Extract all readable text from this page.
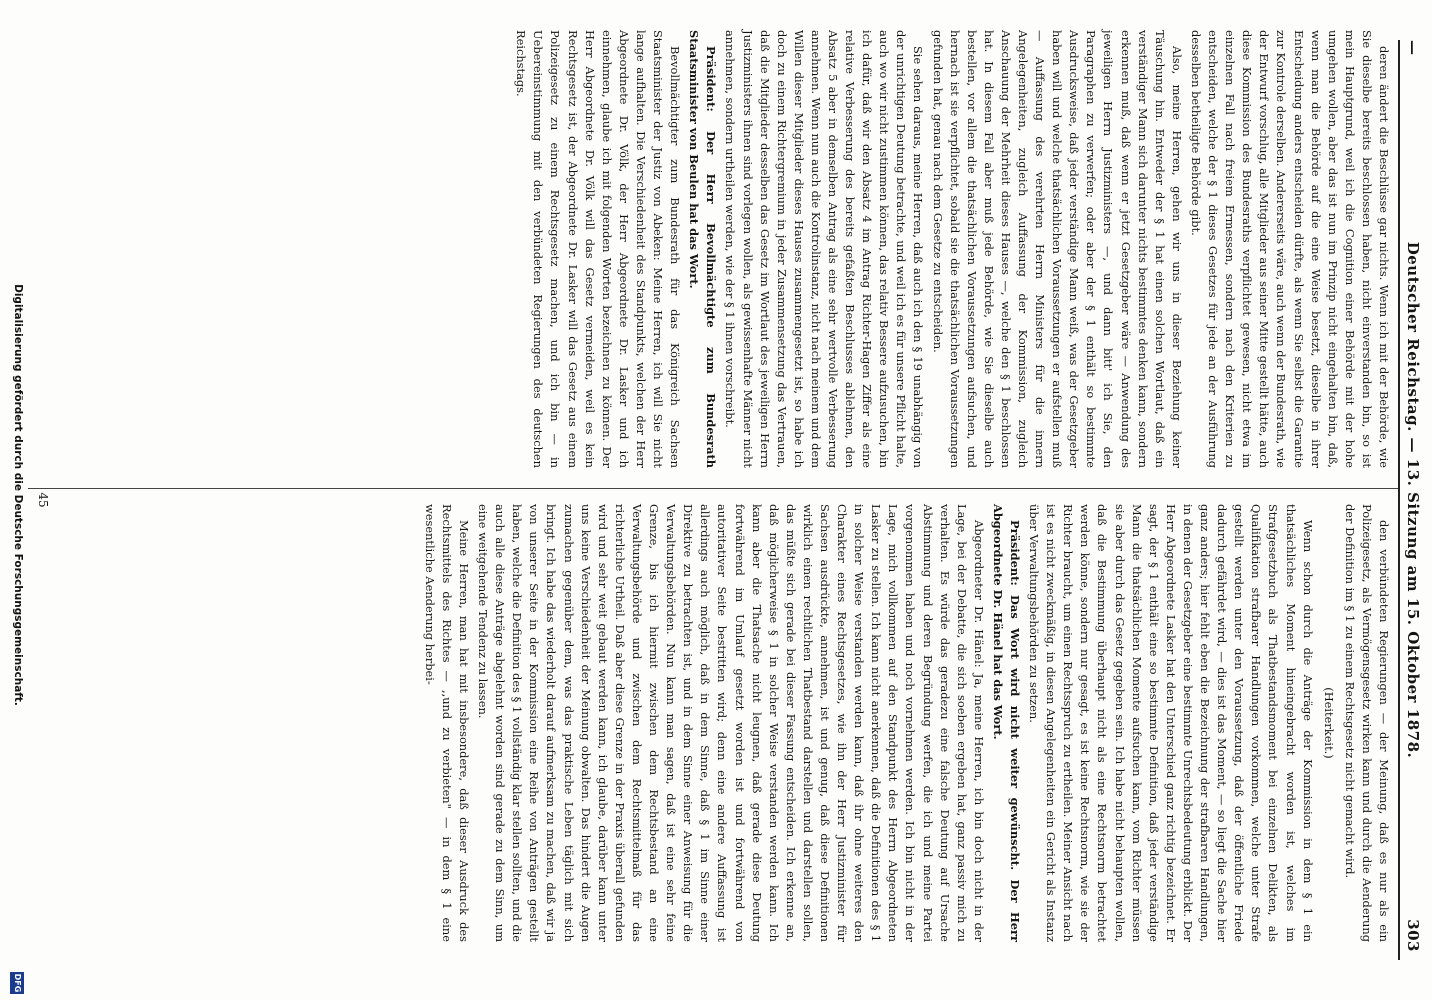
—
Deutscher Reichstag. — 13. Sitzung am 15. Oktober 1878.
303

deren ändert die Beschlüsse gar nichts. Wenn ich mit der Behörde, wie Sie dieselbe bereits beschlossen haben, nicht einverstanden bin, so ist mein Hauptgrund, weil ich die Cognition einer Behörde mit der hohe umgehen wollen, aber das ist nun im Prinzip nicht eingehalten bin, daß, wenn man die Behörde auf die eine Weise besetzt, dieselbe in ihrer Entscheidung anders entscheiden dürfte, als wenn Sie selbst die Garantie zur Kontrole derselben. Andererseits wäre, auch wenn der Bundesrath, wie der Entwurf vorschlug, alle Mitglieder aus seiner Mitte gestellt hätte, auch diese Kommission des Bundesraths verpflichtet gewesen, nicht etwa im einzelnen Fall nach freiem Ermessen, sondern nach den Kriterien zu entscheiden, welche der § 1 dieses Gesetzes für jede an der Ausführung desselben betheiligte Behörde gibt.

Also, meine Herren, gehen wir uns in dieser Beziehung keiner Täuschung hin. Entweder der § 1 hat einen solchen Wortlaut, daß ein verständiger Mann sich darunter nichts bestimmtes denken kann, sondern erkennen muß, daß wenn er jetzt Gesetzgeber wäre — Anwendung des jeweiligen Herrn Justizministers —, und dann bitt' ich Sie, den Paragraphen zu verwerfen; oder aber der § 1 enthält so bestimmte Ausdrucksweise, daß jeder verständige Mann weiß, was der Gesetzgeber haben will und welche thatsächlichen Voraussetzungen er aufstellen muß — Auffassung des verehrten Herrn Ministers für die innern Angelegenheiten, zugleich Auffassung der Kommission, zugleich Anschauung der Mehrheit dieses Hauses —, welche den § 1 beschlossen hat. In diesem Fall aber muß jede Behörde, wie Sie dieselbe auch bestellen, vor allem die thatsächlichen Voraussetzungen aufsuchen, und hernach ist sie verpflichtet, sobald sie die thatsächlichen Voraussetzungen gefunden hat, genau nach dem Gesetze zu entscheiden.

Sie sehen daraus, meine Herren, daß auch ich den § 19 unabhängig von der unrichtigen Deutung betrachte, und weil ich es für unsere Pflicht halte, auch wo wir nicht zustimmen können, das relativ Bessere aufzusuchen, bin ich dafür, daß wir den Absatz 4 im Antrag Richter-Hagen Ziffer als eine relative Verbesserung des bereits gefaßten Beschlusses ablehnen, den Absatz 5 aber in demselben Antrag als eine sehr wertvolle Verbesserung annehmen. Wenn nun auch die Kontrolinstanz, nicht nach meinem und dem Willen dieser Mitglieder dieses Hauses zusammengesetzt ist, so habe ich doch zu einem Richtergremium in jeder Zusammensetzung das Vertrauen, daß die Mitglieder desselben das Gesetz im Wortlaut des jeweiligen Herrn Justizministers ihnen sind vorlegen wollen, als gewissenhafte Männer nicht annehmen, sondern urtheilen werden, wie der § 1 ihnen vorschreibt.

Präsident: Der Herr Bevollmächtigte zum Bundesrath Staatsminister von Beulen hat das Wort.

Bevollmächtigter zum Bundesrath für das Königreich Sachsen Staatsminister der Justiz von Abeken: Meine Herren, ich will Sie nicht lange aufhalten. Die Verschiedenheit des Standpunkts, welchen der Herr Abgeordnete Dr. Völk, der Herr Abgeordnete Dr. Lasker und ich einnehmen, glaube ich mit folgenden Worten bezeichnen zu können. Der Herr Abgeordnete Dr. Völk will das Gesetz vermeiden, weil es kein Rechtsgesetz ist, der Abgeordnete Dr. Lasker will das Gesetz aus einem Polizeigesetz zu einem Rechtsgesetz machen, und ich bin — in Uebereinstimmung mit den verbündeten Regierungen des deutschen Reichstags.

den verbündeten Regierungen — der Meinung, daß es nur als ein Polizeigesetz, als Vermögensgesetz wirken kann und durch die Aenderung der Definition im § 1 zu einem Rechtsgesetz nicht gemacht wird.

(Heiterkeit.)

Wenn schon durch die Anträge der Kommission in dem § 1 ein thatsächliches Moment hineingebracht worden ist, welches im Strafgesetzbuch als Thatbestandsmoment bei einzelnen Delikten, als Qualifikation strafbarer Handlungen vorkommen, welche unter Strafe gestellt werden unter den Voraussetzung, daß der öffentliche Friede dadurch gefährdet wird, — dies ist das Moment, — so liegt die Sache hier ganz anders; hier fehlt eben die Bezeichnung der strafbaren Handlungen, in denen der Gesetzgeber eine bestimmte Unrechtsbedeutung erblickt. Der Herr Abgeordnete Lasker hat den Unterschied ganz richtig bezeichnet. Er sagt, der § 1 enthält eine so bestimmte Definition, daß jeder verständige Mann die thatsächlichen Momente aufsuchen kann, vom Richter müssen sie aber durch das Gesetz gegeben sein. Ich habe nicht behaupten wollen, daß die Bestimmung überhaupt nicht als eine Rechtsnorm betrachtet werden könne, sondern nur gesagt, es ist keine Rechtsnorm, wie sie der Richter braucht, um einen Rechtsspruch zu ertheilen. Meiner Ansicht nach ist es nicht zweckmäßig, in diesen Angelegenheiten ein Gericht als Instanz über Verwaltungsbehörden zu setzen.

Präsident: Das Wort wird nicht weiter gewünscht. Der Herr Abgeordnete Dr. Hänel hat das Wort.

Abgeordneter Dr. Hänel: Ja, meine Herren, ich bin doch nicht in der Lage, bei der Debatte, die sich soeben ergeben hat, ganz passiv mich zu verhalten. Es würde das geradezu eine falsche Deutung auf Ursache Abstimmung und deren Begründung werfen, die ich und meine Partei vorgenommen haben und noch vornehmen werden. Ich bin nicht in der Lage, mich vollkommen auf den Standpunkt des Herrn Abgeordneten Lasker zu stellen. Ich kann nicht anerkennen, daß die Definitionen des § 1 in solcher Weise verstanden werden kann, daß ihr ohne weiteres den Charakter eines Rechtsgesetzes, wie ihn der Herr Justizminister für Sachsen ausdrückte, annehmen, ist und genug, daß diese Definitionen wirklich einen rechtlichen Thatbestand darstellen und darstellen sollen, das müßte sich gerade bei dieser Fassung entscheiden. Ich erkenne an, daß möglicherweise § 1 in solcher Weise verstanden werden kann. Ich kann aber die Thatsache nicht leugnen, daß gerade diese Deutung fortwährend im Umlauf gesetzt worden ist und fortwährend von autoritativer Seite bestritten wird; denn eine andere Auffassung ist allerdings auch möglich, daß in dem Sinne, daß § 1 im Sinne einer Direktive zu betrachten ist, und in dem Sinne einer Anweisung für die Verwaltungsbehörden. Nun kann man sagen, daß ist eine sehr feine Grenze, bis ich hiermit zwischen dem Rechtsbestand an eine Verwaltungsbehörde und zwischen dem Rechtsmittelmaß für das richterliche Urtheil. Daß aber diese Grenze in der Praxis überall gefunden wird und sehr weit gebaut werden kann, ich glaube, darüber kann unter uns keine Verschiedenheit der Meinung obwalten. Das hindert die Augen zumachen gegenüber dem, was das praktische Leben täglich mit sich bringt. Ich habe das wiederholt darauf aufmerksam zu machen, daß wir ja von unserer Seite in der Kommission eine Reihe von Anträgen gestellt haben, welche die Definition des § 1 vollständig klar stellen sollten, und die auch alle diese Anträge abgelehnt worden sind gerade zu dem Sinn, um eine weitgehende Tendenz zu lassen.

Meine Herren, man hat mit insbesondere, daß dieser Ausdruck des Rechtsmittels des Richtes — ,,und zu verbieten" — in dem § 1 eine wesentliche Aenderung herbei-

45
Digitalisierung gefördert durch die Deutsche Forschungsgemeinschaft.
DFG
